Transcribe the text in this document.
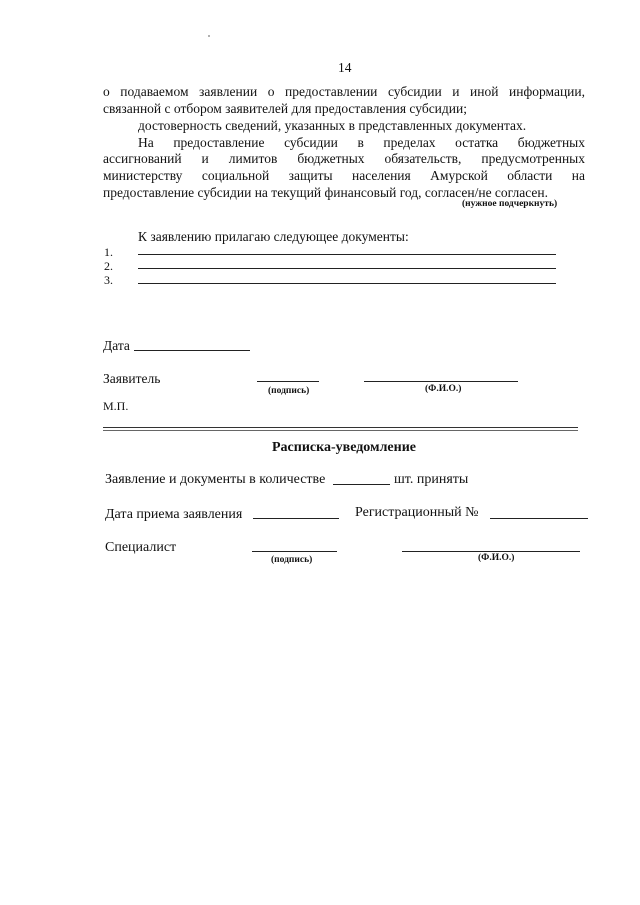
14
о подаваемом заявлении о предоставлении субсидии и иной информации,
связанной с отбором заявителей для предоставления субсидии;
достоверность сведений, указанных в представленных документах.
На предоставление субсидии в пределах остатка бюджетных
ассигнований и лимитов бюджетных обязательств, предусмотренных
министерству социальной защиты населения Амурской области на
предоставление субсидии на текущий финансовый год, согласен/не согласен.
(нужное подчеркнуть)
К заявлению прилагаю следующее документы:
1.
2.
3.
Дата
Заявитель
(подпись)	(Ф.И.О.)
М.П.
Расписка-уведомление
Заявление и документы в количестве	шт. приняты
Дата приема заявления	Регистрационный №
Специалист
(подпись)	(Ф.И.О.)
